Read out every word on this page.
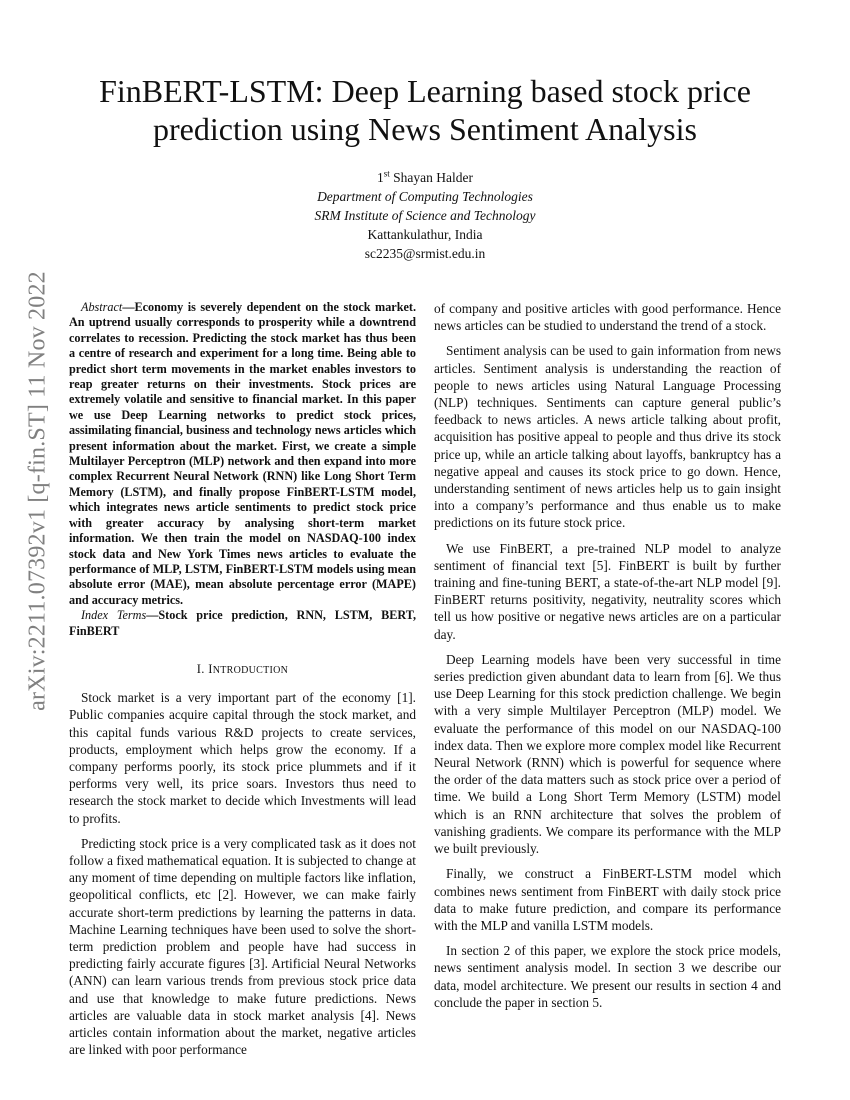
arXiv:2211.07392v1 [q-fin.ST] 11 Nov 2022
FinBERT-LSTM: Deep Learning based stock price prediction using News Sentiment Analysis
1st Shayan Halder
Department of Computing Technologies
SRM Institute of Science and Technology
Kattankulathur, India
sc2235@srmist.edu.in

Abstract—Economy is severely dependent on the stock market. An uptrend usually corresponds to prosperity while a downtrend correlates to recession. Predicting the stock market has thus been a centre of research and experiment for a long time. Being able to predict short term movements in the market enables investors to reap greater returns on their investments. Stock prices are extremely volatile and sensitive to financial market. In this paper we use Deep Learning networks to predict stock prices, assimilating financial, business and technology news articles which present information about the market. First, we create a simple Multilayer Perceptron (MLP) network and then expand into more complex Recurrent Neural Network (RNN) like Long Short Term Memory (LSTM), and finally propose FinBERT-LSTM model, which integrates news article sentiments to predict stock price with greater accuracy by analysing short-term market information. We then train the model on NASDAQ-100 index stock data and New York Times news articles to evaluate the performance of MLP, LSTM, FinBERT-LSTM models using mean absolute error (MAE), mean absolute percentage error (MAPE) and accuracy metrics.

Index Terms—Stock price prediction, RNN, LSTM, BERT, FinBERT

I. INTRODUCTION

Stock market is a very important part of the economy [1]. Public companies acquire capital through the stock market, and this capital funds various R&D projects to create services, products, employment which helps grow the economy. If a company performs poorly, its stock price plummets and if it performs very well, its price soars. Investors thus need to research the stock market to decide which Investments will lead to profits.

Predicting stock price is a very complicated task as it does not follow a fixed mathematical equation. It is subjected to change at any moment of time depending on multiple factors like inflation, geopolitical conflicts, etc [2]. However, we can make fairly accurate short-term predictions by learning the patterns in data. Machine Learning techniques have been used to solve the short-term prediction problem and people have had success in predicting fairly accurate figures [3]. Artificial Neural Networks (ANN) can learn various trends from previous stock price data and use that knowledge to make future predictions. News articles are valuable data in stock market analysis [4]. News articles contain information about the market, negative articles are linked with poor performance

of company and positive articles with good performance. Hence news articles can be studied to understand the trend of a stock.

Sentiment analysis can be used to gain information from news articles. Sentiment analysis is understanding the reaction of people to news articles using Natural Language Processing (NLP) techniques. Sentiments can capture general public’s feedback to news articles. A news article talking about profit, acquisition has positive appeal to people and thus drive its stock price up, while an article talking about layoffs, bankruptcy has a negative appeal and causes its stock price to go down. Hence, understanding sentiment of news articles help us to gain insight into a company’s performance and thus enable us to make predictions on its future stock price.

We use FinBERT, a pre-trained NLP model to analyze sentiment of financial text [5]. FinBERT is built by further training and fine-tuning BERT, a state-of-the-art NLP model [9]. FinBERT returns positivity, negativity, neutrality scores which tell us how positive or negative news articles are on a particular day.

Deep Learning models have been very successful in time series prediction given abundant data to learn from [6]. We thus use Deep Learning for this stock prediction challenge. We begin with a very simple Multilayer Perceptron (MLP) model. We evaluate the performance of this model on our NASDAQ-100 index data. Then we explore more complex model like Recurrent Neural Network (RNN) which is powerful for sequence where the order of the data matters such as stock price over a period of time. We build a Long Short Term Memory (LSTM) model which is an RNN architecture that solves the problem of vanishing gradients. We compare its performance with the MLP we built previously.

Finally, we construct a FinBERT-LSTM model which combines news sentiment from FinBERT with daily stock price data to make future prediction, and compare its performance with the MLP and vanilla LSTM models.

In section 2 of this paper, we explore the stock price models, news sentiment analysis model. In section 3 we describe our data, model architecture. We present our results in section 4 and conclude the paper in section 5.
